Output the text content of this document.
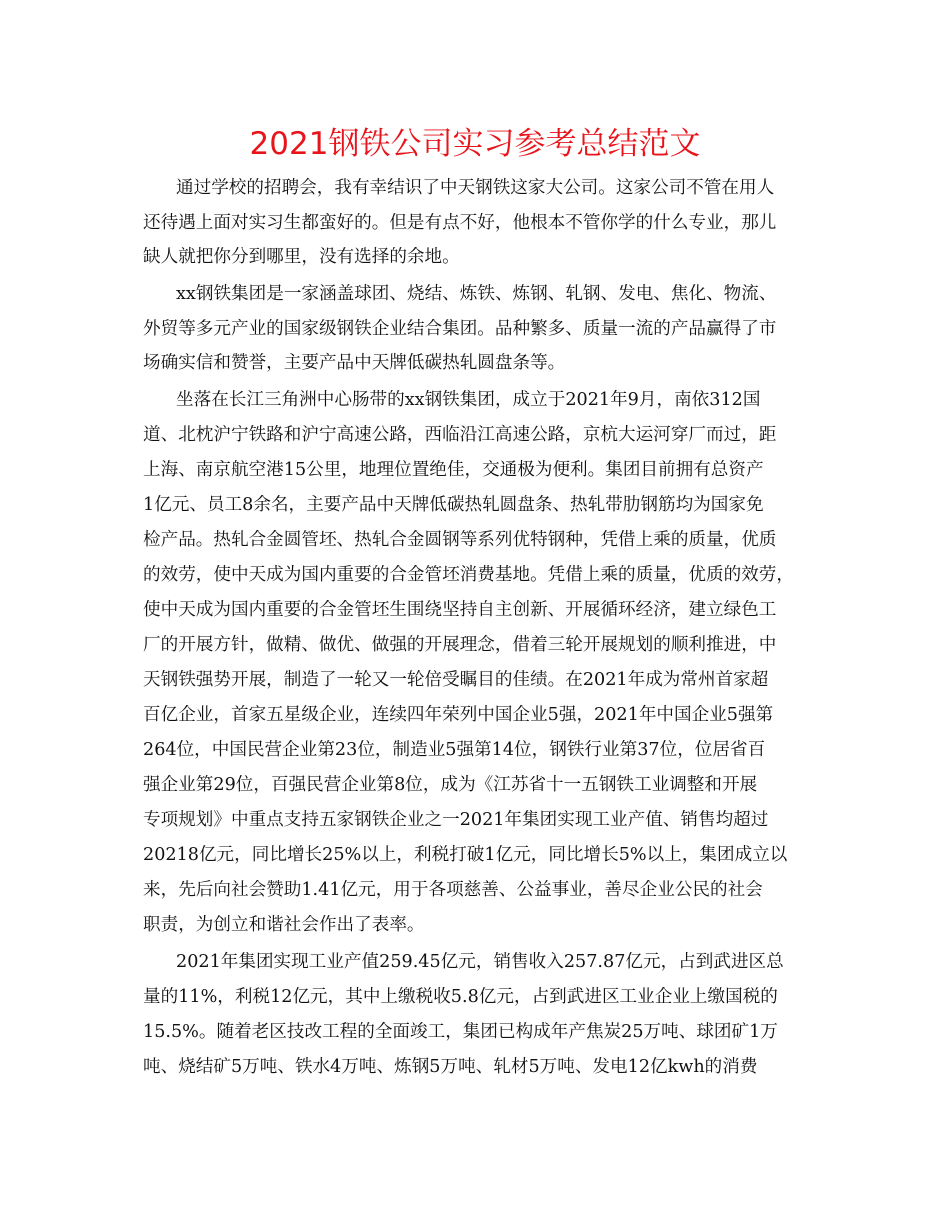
2021钢铁公司实习参考总结范文

通过学校的招聘会，我有幸结识了中天钢铁这家大公司。这家公司不管在用人

还待遇上面对实习生都蛮好的。但是有点不好，他根本不管你学的什么专业，那儿

缺人就把你分到哪里，没有选择的余地。

xx钢铁集团是一家涵盖球团、烧结、炼铁、炼钢、轧钢、发电、焦化、物流、

外贸等多元产业的国家级钢铁企业结合集团。品种繁多、质量一流的产品赢得了市

场确实信和赞誉，主要产品中天牌低碳热轧圆盘条等。

坐落在长江三角洲中心肠带的xx钢铁集团，成立于2021年9月，南依312国

道、北枕沪宁铁路和沪宁高速公路，西临沿江高速公路，京杭大运河穿厂而过，距

上海、南京航空港15公里，地理位置绝佳，交通极为便利。集团目前拥有总资产

1亿元、员工8余名，主要产品中天牌低碳热轧圆盘条、热轧带肋钢筋均为国家免

检产品。热轧合金圆管坯、热轧合金圆钢等系列优特钢种，凭借上乘的质量，优质

的效劳，使中天成为国内重要的合金管坯消费基地。凭借上乘的质量，优质的效劳，

使中天成为国内重要的合金管坯生围绕坚持自主创新、开展循环经济，建立绿色工

厂的开展方针，做精、做优、做强的开展理念，借着三轮开展规划的顺利推进，中

天钢铁强势开展，制造了一轮又一轮倍受瞩目的佳绩。在2021年成为常州首家超

百亿企业，首家五星级企业，连续四年荣列中国企业5强，2021年中国企业5强第

264位，中国民营企业第23位，制造业5强第14位，钢铁行业第37位，位居省百

强企业第29位，百强民营企业第8位，成为《江苏省十一五钢铁工业调整和开展

专项规划》中重点支持五家钢铁企业之一2021年集团实现工业产值、销售均超过

20218亿元，同比增长25%以上，利税打破1亿元，同比增长5%以上，集团成立以

来，先后向社会赞助1.41亿元，用于各项慈善、公益事业，善尽企业公民的社会

职责，为创立和谐社会作出了表率。

2021年集团实现工业产值259.45亿元，销售收入257.87亿元，占到武进区总

量的11%，利税12亿元，其中上缴税收5.8亿元，占到武进区工业企业上缴国税的

15.5%。随着老区技改工程的全面竣工，集团已构成年产焦炭25万吨、球团矿1万

吨、烧结矿5万吨、铁水4万吨、炼钢5万吨、轧材5万吨、发电12亿kwh的消费
